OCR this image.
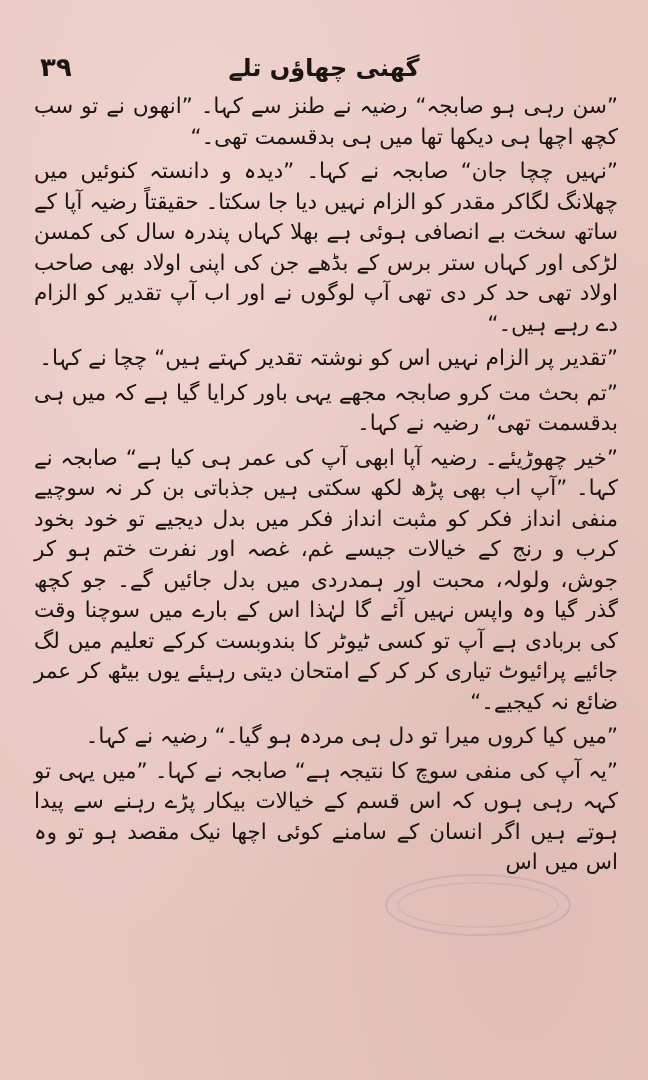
۳۹	گھنی چھاؤں تلے

”سن رہی ہو صابجہ“ رضیہ نے طنز سے کہا۔ ”انھوں نے تو سب کچھ اچھا ہی دیکھا تھا میں ہی بدقسمت تھی۔“

”نہیں چچا جان“ صابجہ نے کہا۔ ”دیدہ و دانستہ کنوئیں میں چھلانگ لگاکر مقدر کو الزام نہیں دیا جا سکتا۔ حقیقتاً رضیہ آپا کے ساتھ سخت بے انصافی ہوئی ہے بھلا کہاں پندرہ سال کی کمسن لڑکی اور کہاں ستر برس کے بڈھے جن کی اپنی اولاد بھی صاحب اولاد تھی حد کر دی تھی آپ لوگوں نے اور اب آپ تقدیر کو الزام دے رہے ہیں۔“

”تقدیر پر الزام نہیں اس کو نوشتہ تقدیر کہتے ہیں“ چچا نے کہا۔

”تم بحث مت کرو صابجہ مجھے یہی باور کرایا گیا ہے کہ میں ہی بدقسمت تھی“ رضیہ نے کہا۔

”خیر چھوڑیئے۔ رضیہ آپا ابھی آپ کی عمر ہی کیا ہے“ صابجہ نے کہا۔ ”آپ اب بھی پڑھ لکھ سکتی ہیں جذباتی بن کر نہ سوچیے منفی انداز فکر کو مثبت انداز فکر میں بدل دیجیے تو خود بخود کرب و رنج کے خیالات جیسے غم، غصہ اور نفرت ختم ہو کر جوش، ولولہ، محبت اور ہمدردی میں بدل جائیں گے۔ جو کچھ گذر گیا وہ واپس نہیں آئے گا لہٰذا اس کے بارے میں سوچنا وقت کی بربادی ہے آپ تو کسی ٹیوٹر کا بندوبست کرکے تعلیم میں لگ جائیے پرائیوٹ تیاری کر کر کے امتحان دیتی رہیئے یوں بیٹھ کر عمر ضائع نہ کیجیے۔“

”میں کیا کروں میرا تو دل ہی مردہ ہو گیا۔“ رضیہ نے کہا۔

”یہ آپ کی منفی سوچ کا نتیجہ ہے“ صابجہ نے کہا۔ ”میں یہی تو کہہ رہی ہوں کہ اس قسم کے خیالات بیکار پڑے رہنے سے پیدا ہوتے ہیں اگر انسان کے سامنے کوئی اچھا نیک مقصد ہو تو وہ اس میں اس
